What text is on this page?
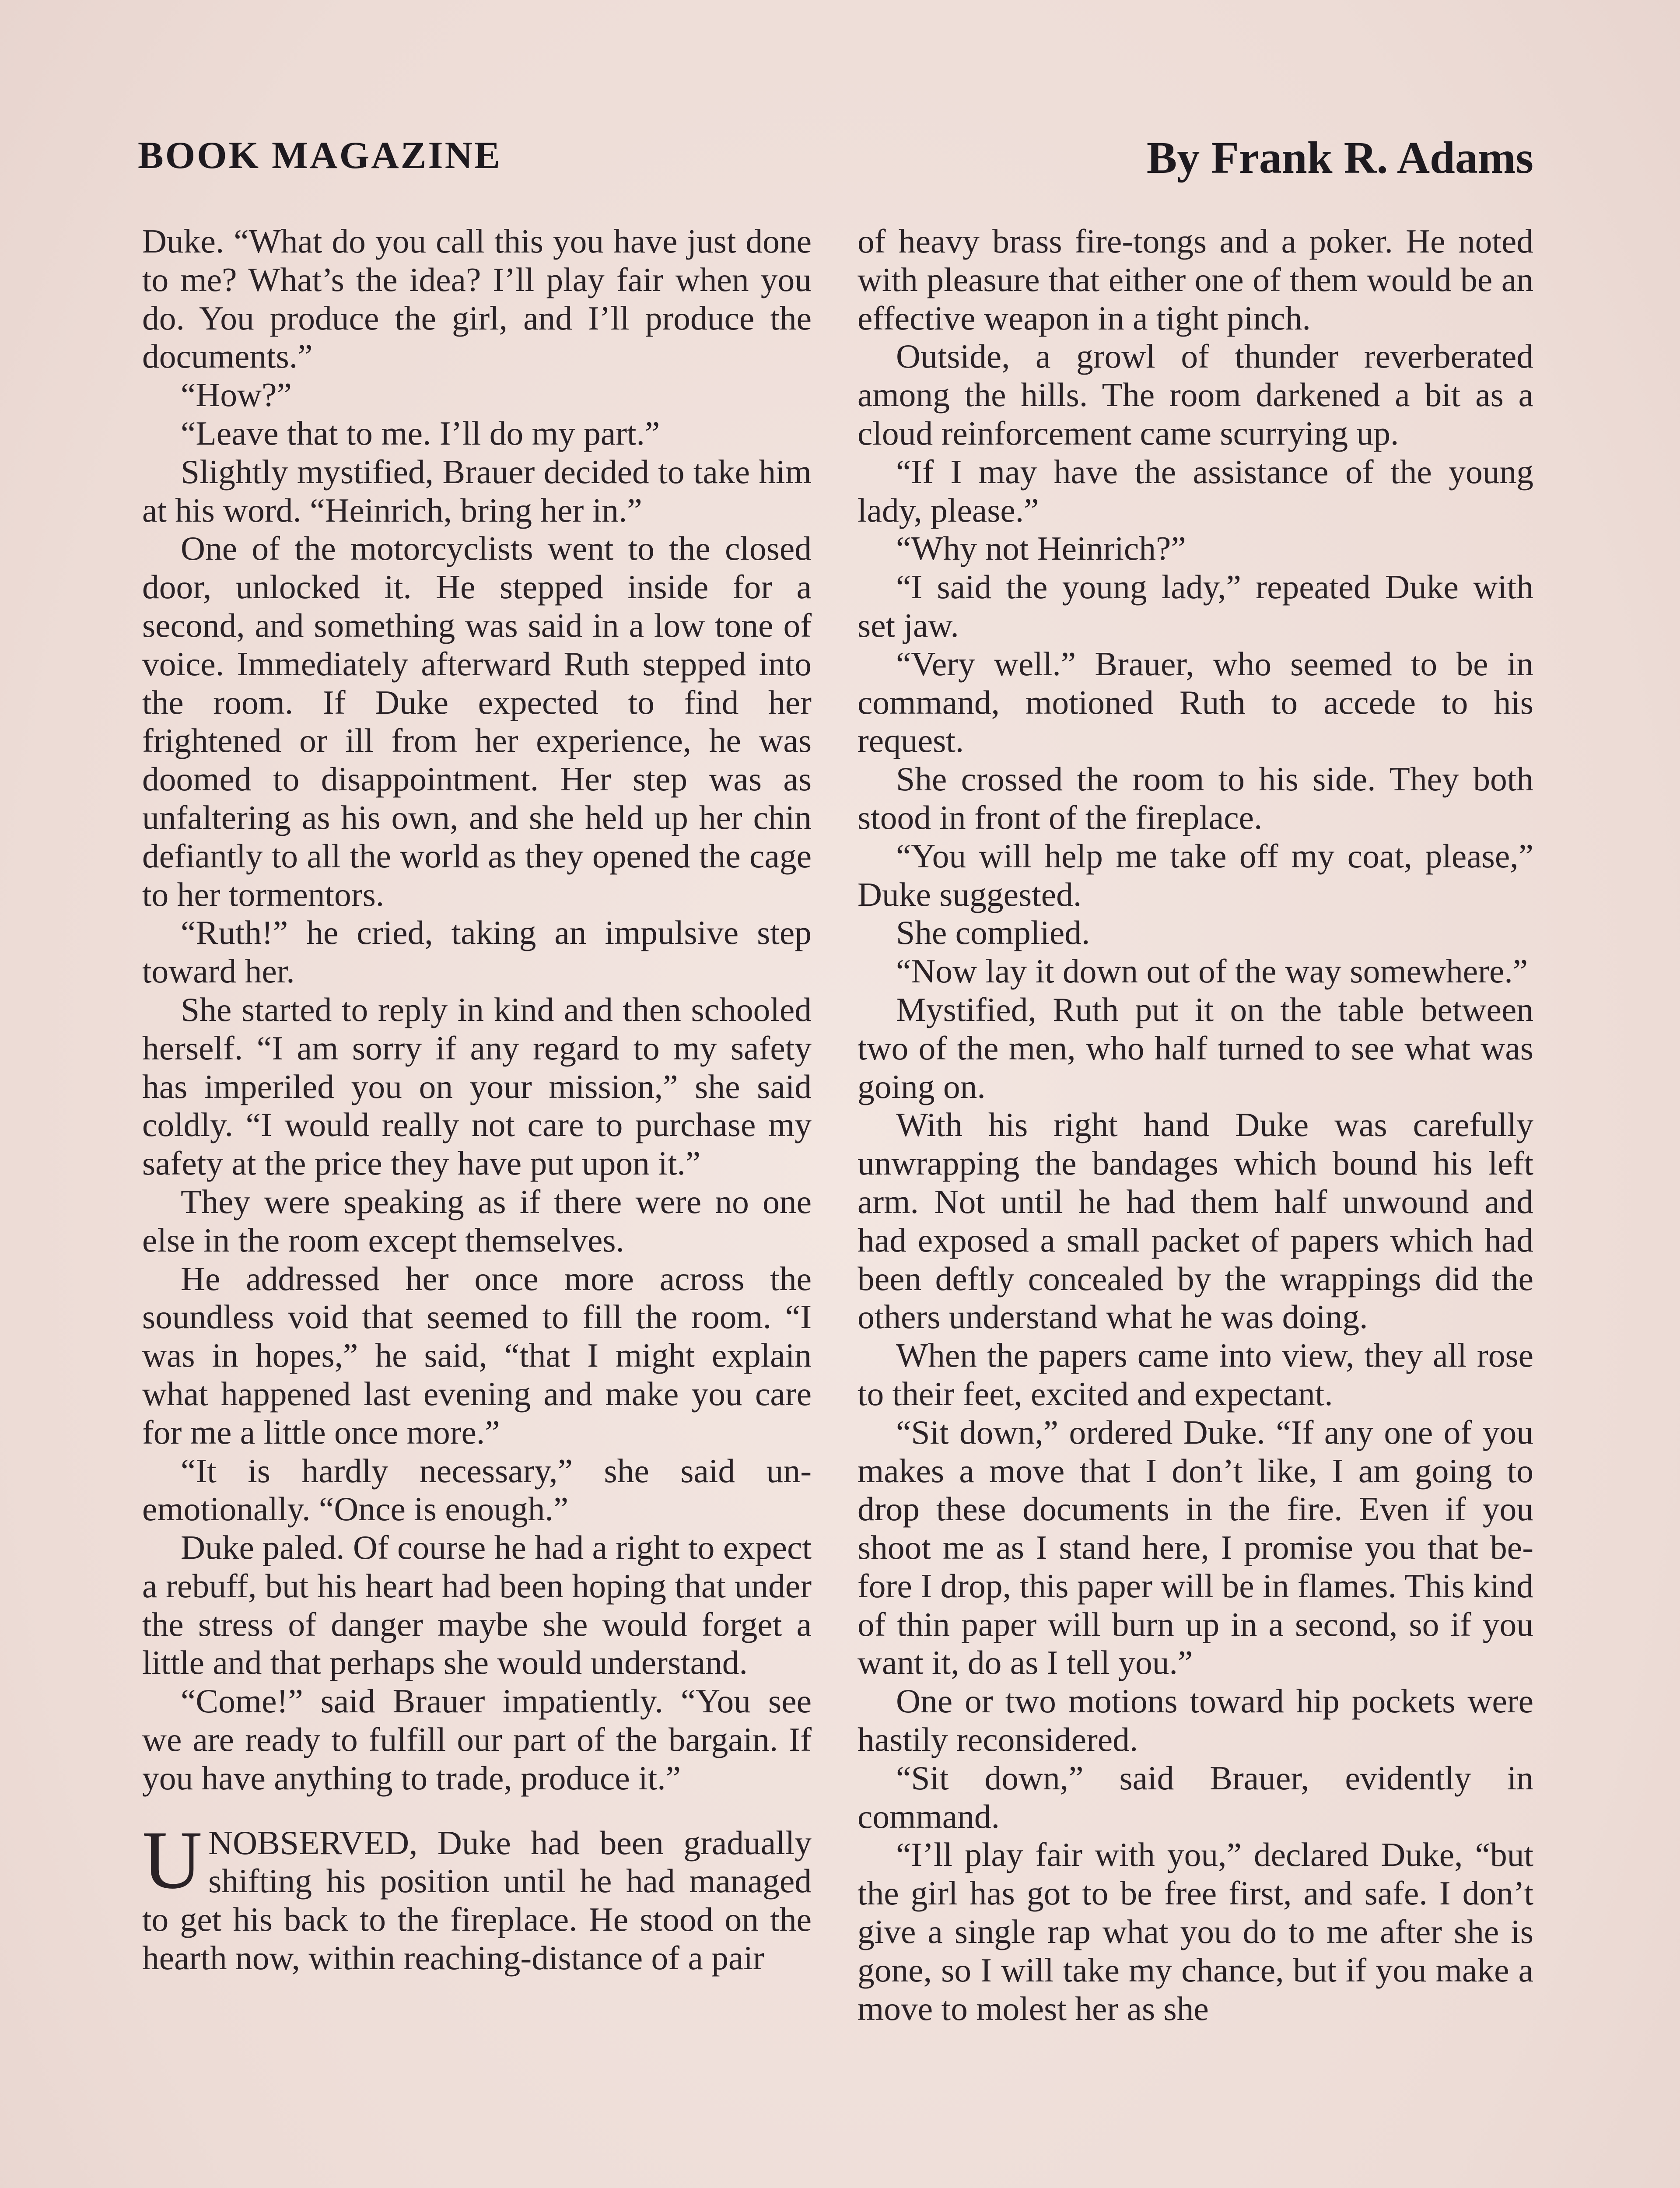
BOOK MAGAZINE	By Frank R. Adams

Duke. “What do you call this you have just done to me? What’s the idea? I’ll play fair when you do. You produce the girl, and I’ll produce the documents.”

“How?”

“Leave that to me. I’ll do my part.”

Slightly mystified, Brauer decided to take him at his word. “Heinrich, bring her in.”

One of the motorcyclists went to the closed door, unlocked it. He stepped inside for a second, and something was said in a low tone of voice. Immediately afterward Ruth stepped into the room. If Duke expected to find her frightened or ill from her experience, he was doomed to disappointment. Her step was as unfaltering as his own, and she held up her chin defiantly to all the world as they opened the cage to her tormentors.

“Ruth!” he cried, taking an impulsive step toward her.

She started to reply in kind and then schooled herself. “I am sorry if any regard to my safety has imperiled you on your mission,” she said coldly. “I would really not care to purchase my safety at the price they have put upon it.”

They were speaking as if there were no one else in the room except themselves.

He addressed her once more across the soundless void that seemed to fill the room. “I was in hopes,” he said, “that I might explain what happened last evening and make you care for me a little once more.”

“It is hardly necessary,” she said unemotionally. “Once is enough.”

Duke paled. Of course he had a right to expect a rebuff, but his heart had been hoping that under the stress of danger maybe she would forget a little and that perhaps she would understand.

“Come!” said Brauer impatiently. “You see we are ready to fulfill our part of the bargain. If you have anything to trade, produce it.”

UNOBSERVED, Duke had been gradually shifting his position until he had managed to get his back to the fireplace. He stood on the hearth now, within reaching-distance of a pair

of heavy brass fire-tongs and a poker. He noted with pleasure that either one of them would be an effective weapon in a tight pinch.

Outside, a growl of thunder reverberated among the hills. The room darkened a bit as a cloud reinforcement came scurrying up.

“If I may have the assistance of the young lady, please.”

“Why not Heinrich?”

“I said the young lady,” repeated Duke with set jaw.

“Very well.” Brauer, who seemed to be in command, motioned Ruth to accede to his request.

She crossed the room to his side. They both stood in front of the fireplace.

“You will help me take off my coat, please,” Duke suggested.

She complied.

“Now lay it down out of the way somewhere.”

Mystified, Ruth put it on the table between two of the men, who half turned to see what was going on.

With his right hand Duke was carefully unwrapping the bandages which bound his left arm. Not until he had them half unwound and had exposed a small packet of papers which had been deftly concealed by the wrappings did the others understand what he was doing.

When the papers came into view, they all rose to their feet, excited and expectant.

“Sit down,” ordered Duke. “If any one of you makes a move that I don’t like, I am going to drop these documents in the fire. Even if you shoot me as I stand here, I promise you that before I drop, this paper will be in flames. This kind of thin paper will burn up in a second, so if you want it, do as I tell you.”

One or two motions toward hip pockets were hastily reconsidered.

“Sit down,” said Brauer, evidently in command.

“I’ll play fair with you,” declared Duke, “but the girl has got to be free first, and safe. I don’t give a single rap what you do to me after she is gone, so I will take my chance, but if you make a move to molest her as she
